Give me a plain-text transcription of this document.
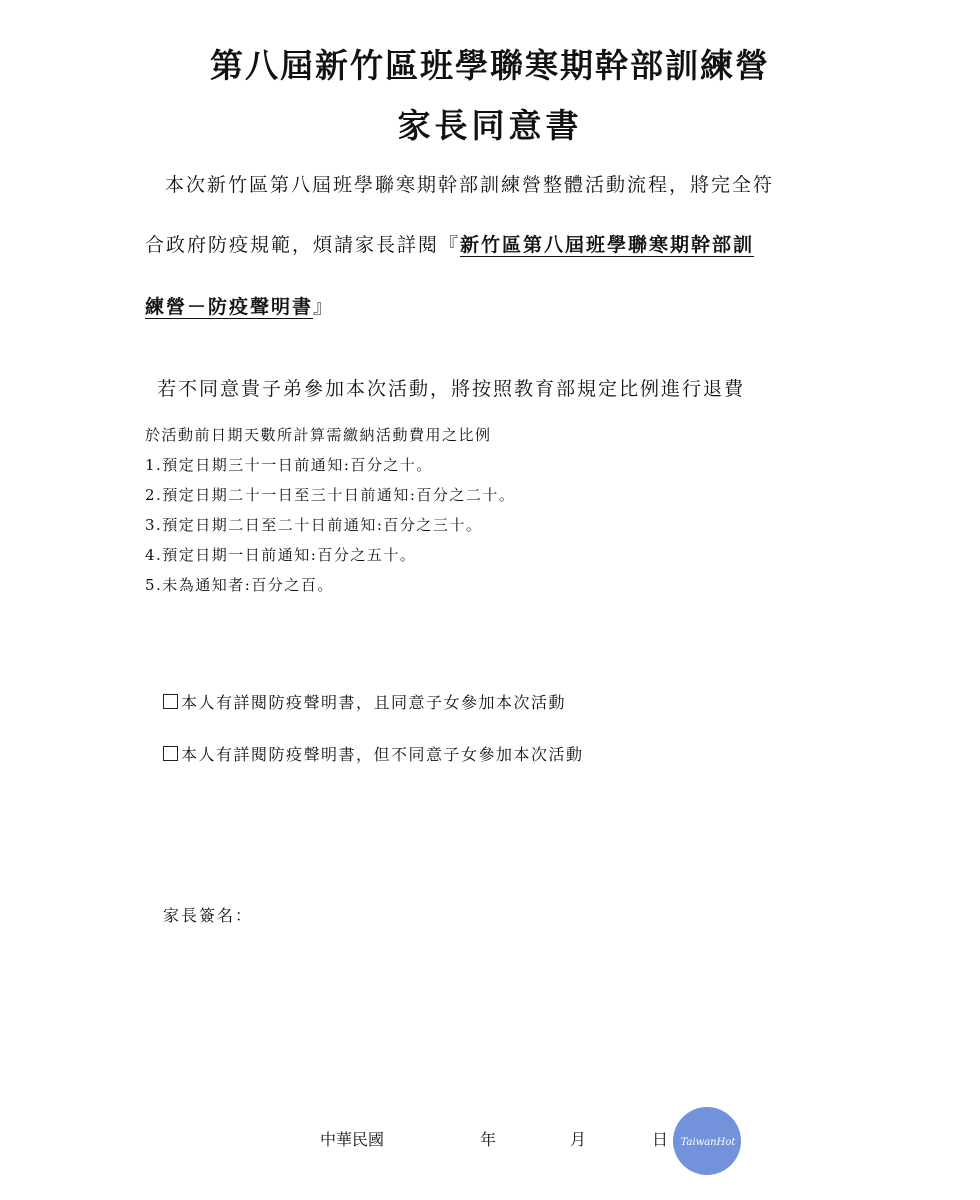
第八屆新竹區班學聯寒期幹部訓練營
家長同意書
本次新竹區第八屆班學聯寒期幹部訓練營整體活動流程，將完全符
合政府防疫規範，煩請家長詳閱『新竹區第八屆班學聯寒期幹部訓
練營－防疫聲明書』
若不同意貴子弟參加本次活動，將按照教育部規定比例進行退費
於活動前日期天數所計算需繳納活動費用之比例
1.預定日期三十一日前通知:百分之十。
2.預定日期二十一日至三十日前通知:百分之二十。
3.預定日期二日至二十日前通知:百分之三十。
4.預定日期一日前通知:百分之五十。
5.未為通知者:百分之百。
本人有詳閱防疫聲明書，且同意子女參加本次活動
本人有詳閱防疫聲明書，但不同意子女參加本次活動
家長簽名：
中華民國	年	月	日	TaiwanHot
